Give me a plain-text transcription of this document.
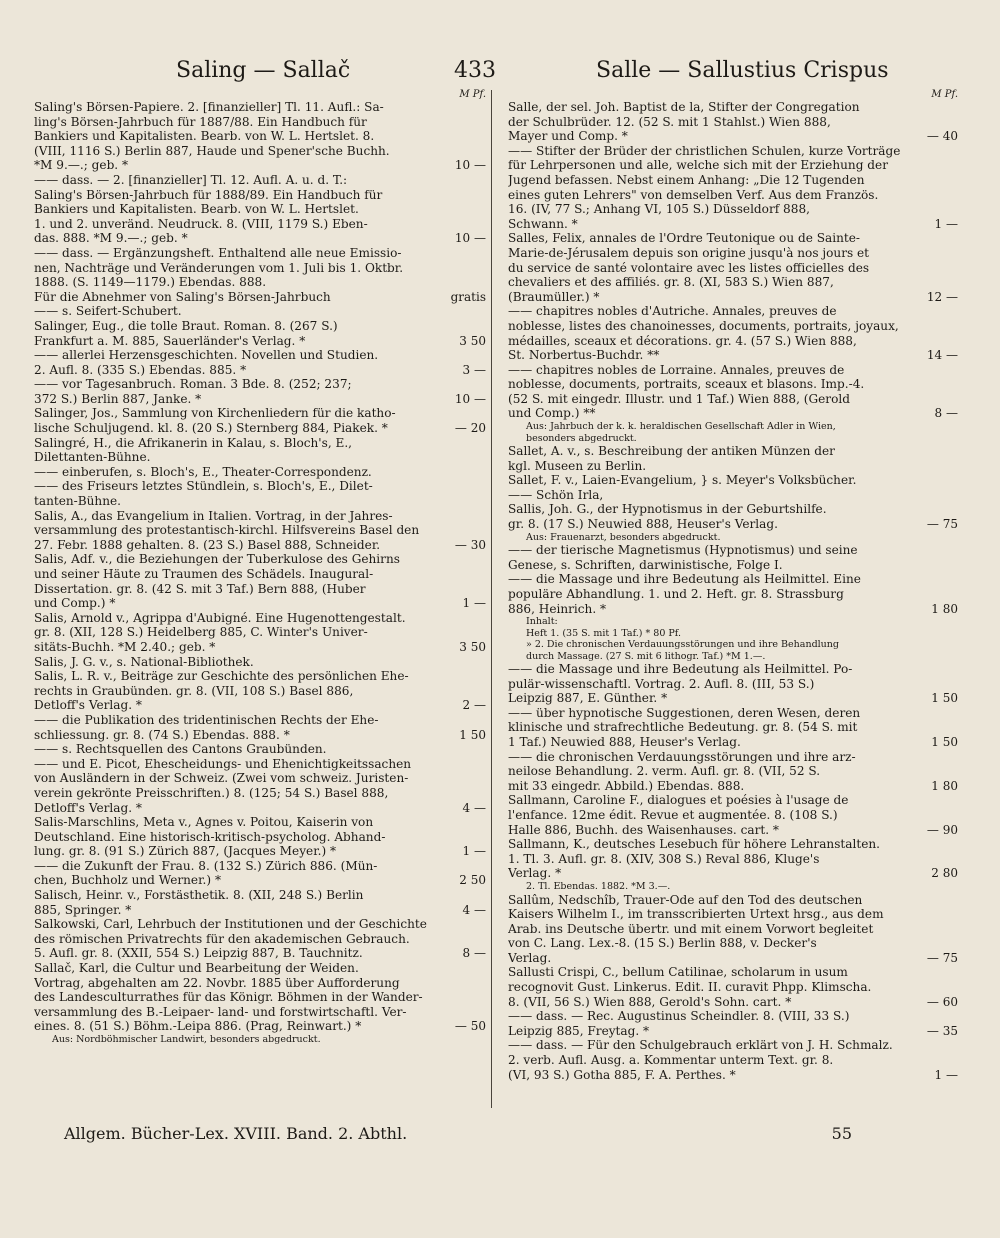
Saling — Sallač	433	Salle — Sallustius Crispus
M Pf.
Saling's Börsen-Papiere. 2. [finanzieller] Tl. 11. Aufl.: Sa-
ling's Börsen-Jahrbuch für 1887/88. Ein Handbuch für
Bankiers und Kapitalisten. Bearb. von W. L. Hertslet. 8.
(VIII, 1116 S.) Berlin 887, Haude und Spener'sche Buchh.
*M 9.—.; geb. *	10 —
—— dass. — 2. [finanzieller] Tl. 12. Aufl. A. u. d. T.:
Saling's Börsen-Jahrbuch für 1888/89. Ein Handbuch für
Bankiers und Kapitalisten. Bearb. von W. L. Hertslet.
1. und 2. unveränd. Neudruck. 8. (VIII, 1179 S.) Eben-
das. 888. *M 9.—.; geb. *	10 —
—— dass. — Ergänzungsheft. Enthaltend alle neue Emissio-
nen, Nachträge und Veränderungen vom 1. Juli bis 1. Oktbr.
1888. (S. 1149—1179.) Ebendas. 888.
Für die Abnehmer von Saling's Börsen-Jahrbuch	gratis
—— s. Seifert-Schubert.
Salinger, Eug., die tolle Braut. Roman. 8. (267 S.)
Frankfurt a. M. 885, Sauerländer's Verlag. *	3 50
—— allerlei Herzensgeschichten. Novellen und Studien.
2. Aufl. 8. (335 S.) Ebendas. 885. *	3 —
—— vor Tagesanbruch. Roman. 3 Bde. 8. (252; 237;
372 S.) Berlin 887, Janke. *	10 —
Salinger, Jos., Sammlung von Kirchenliedern für die katho-
lische Schuljugend. kl. 8. (20 S.) Sternberg 884, Piakek. *	— 20
Salingré, H., die Afrikanerin in Kalau, s. Bloch's, E.,
Dilettanten-Bühne.
—— einberufen, s. Bloch's, E., Theater-Correspondenz.
—— des Friseurs letztes Stündlein, s. Bloch's, E., Dilet-
tanten-Bühne.
Salis, A., das Evangelium in Italien. Vortrag, in der Jahres-
versammlung des protestantisch-kirchl. Hilfsvereins Basel den
27. Febr. 1888 gehalten. 8. (23 S.) Basel 888, Schneider.	— 30
Salis, Adf. v., die Beziehungen der Tuberkulose des Gehirns
und seiner Häute zu Traumen des Schädels. Inaugural-
Dissertation. gr. 8. (42 S. mit 3 Taf.) Bern 888, (Huber
und Comp.) *	1 —
Salis, Arnold v., Agrippa d'Aubigné. Eine Hugenottengestalt.
gr. 8. (XII, 128 S.) Heidelberg 885, C. Winter's Univer-
sitäts-Buchh. *M 2.40.; geb. *	3 50
Salis, J. G. v., s. National-Bibliothek.
Salis, L. R. v., Beiträge zur Geschichte des persönlichen Ehe-
rechts in Graubünden. gr. 8. (VII, 108 S.) Basel 886,
Detloff's Verlag. *	2 —
—— die Publikation des tridentinischen Rechts der Ehe-
schliessung. gr. 8. (74 S.) Ebendas. 888. *	1 50
—— s. Rechtsquellen des Cantons Graubünden.
—— und E. Picot, Ehescheidungs- und Ehenichtigkeitssachen
von Ausländern in der Schweiz. (Zwei vom schweiz. Juristen-
verein gekrönte Preisschriften.) 8. (125; 54 S.) Basel 888,
Detloff's Verlag. *	4 —
Salis-Marschlins, Meta v., Agnes v. Poitou, Kaiserin von
Deutschland. Eine historisch-kritisch-psycholog. Abhand-
lung. gr. 8. (91 S.) Zürich 887, (Jacques Meyer.) *	1 —
—— die Zukunft der Frau. 8. (132 S.) Zürich 886. (Mün-
chen, Buchholz und Werner.) *	2 50
Salisch, Heinr. v., Forstästhetik. 8. (XII, 248 S.) Berlin
885, Springer. *	4 —
Salkowski, Carl, Lehrbuch der Institutionen und der Geschichte
des römischen Privatrechts für den akademischen Gebrauch.
5. Aufl. gr. 8. (XXII, 554 S.) Leipzig 887, B. Tauchnitz.	8 —
Sallač, Karl, die Cultur und Bearbeitung der Weiden.
Vortrag, abgehalten am 22. Novbr. 1885 über Aufforderung
des Landesculturrathes für das Königr. Böhmen in der Wander-
versammlung des B.-Leipaer- land- und forstwirtschaftl. Ver-
eines. 8. (51 S.) Böhm.-Leipa 886. (Prag, Reinwart.) *	— 50
Aus: Nordböhmischer Landwirt, besonders abgedruckt.
M Pf.
Salle, der sel. Joh. Baptist de la, Stifter der Congregation
der Schulbrüder. 12. (52 S. mit 1 Stahlst.) Wien 888,
Mayer und Comp. *	— 40
—— Stifter der Brüder der christlichen Schulen, kurze Vorträge
für Lehrpersonen und alle, welche sich mit der Erziehung der
Jugend befassen. Nebst einem Anhang: „Die 12 Tugenden
eines guten Lehrers" von demselben Verf. Aus dem Französ.
16. (IV, 77 S.; Anhang VI, 105 S.) Düsseldorf 888,
Schwann. *	1 —
Salles, Felix, annales de l'Ordre Teutonique ou de Sainte-
Marie-de-Jérusalem depuis son origine jusqu'à nos jours et
du service de santé volontaire avec les listes officielles des
chevaliers et des affiliés. gr. 8. (XI, 583 S.) Wien 887,
(Braumüller.) *	12 —
—— chapitres nobles d'Autriche. Annales, preuves de
noblesse, listes des chanoinesses, documents, portraits, joyaux,
médailles, sceaux et décorations. gr. 4. (57 S.) Wien 888,
St. Norbertus-Buchdr. **	14 —
—— chapitres nobles de Lorraine. Annales, preuves de
noblesse, documents, portraits, sceaux et blasons. Imp.-4.
(52 S. mit eingedr. Illustr. und 1 Taf.) Wien 888, (Gerold
und Comp.) **	8 —
Aus: Jahrbuch der k. k. heraldischen Gesellschaft Adler in Wien,
besonders abgedruckt.
Sallet, A. v., s. Beschreibung der antiken Münzen der
kgl. Museen zu Berlin.
Sallet, F. v., Laien-Evangelium, } s. Meyer's Volksbücher.
—— Schön Irla,
Sallis, Joh. G., der Hypnotismus in der Geburtshilfe.
gr. 8. (17 S.) Neuwied 888, Heuser's Verlag.	— 75
Aus: Frauenarzt, besonders abgedruckt.
—— der tierische Magnetismus (Hypnotismus) und seine
Genese, s. Schriften, darwinistische, Folge I.
—— die Massage und ihre Bedeutung als Heilmittel. Eine
populäre Abhandlung. 1. und 2. Heft. gr. 8. Strassburg
886, Heinrich. *	1 80
Inhalt:
Heft 1. (35 S. mit 1 Taf.) * 80 Pf.
» 2. Die chronischen Verdauungsstörungen und ihre Behandlung
durch Massage. (27 S. mit 6 lithogr. Taf.) *M 1.—.
—— die Massage und ihre Bedeutung als Heilmittel. Po-
pulär-wissenschaftl. Vortrag. 2. Aufl. 8. (III, 53 S.)
Leipzig 887, E. Günther. *	1 50
—— über hypnotische Suggestionen, deren Wesen, deren
klinische und strafrechtliche Bedeutung. gr. 8. (54 S. mit
1 Taf.) Neuwied 888, Heuser's Verlag.	1 50
—— die chronischen Verdauungsstörungen und ihre arz-
neilose Behandlung. 2. verm. Aufl. gr. 8. (VII, 52 S.
mit 33 eingedr. Abbild.) Ebendas. 888.	1 80
Sallmann, Caroline F., dialogues et poésies à l'usage de
l'enfance. 12me édit. Revue et augmentée. 8. (108 S.)
Halle 886, Buchh. des Waisenhauses. cart. *	— 90
Sallmann, K., deutsches Lesebuch für höhere Lehranstalten.
1. Tl. 3. Aufl. gr. 8. (XIV, 308 S.) Reval 886, Kluge's
Verlag. *	2 80
2. Tl. Ebendas. 1882. *M 3.—.
Sallûm, Nedschîb, Trauer-Ode auf den Tod des deutschen
Kaisers Wilhelm I., im transscribierten Urtext hrsg., aus dem
Arab. ins Deutsche übertr. und mit einem Vorwort begleitet
von C. Lang. Lex.-8. (15 S.) Berlin 888, v. Decker's
Verlag.	— 75
Sallusti Crispi, C., bellum Catilinae, scholarum in usum
recognovit Gust. Linkerus. Edit. II. curavit Phpp. Klimscha.
8. (VII, 56 S.) Wien 888, Gerold's Sohn. cart. *	— 60
—— dass. — Rec. Augustinus Scheindler. 8. (VIII, 33 S.)
Leipzig 885, Freytag. *	— 35
—— dass. — Für den Schulgebrauch erklärt von J. H. Schmalz.
2. verb. Aufl. Ausg. a. Kommentar unterm Text. gr. 8.
(VI, 93 S.) Gotha 885, F. A. Perthes. *	1 —
Allgem. Bücher-Lex. XVIII. Band. 2. Abthl.	55
